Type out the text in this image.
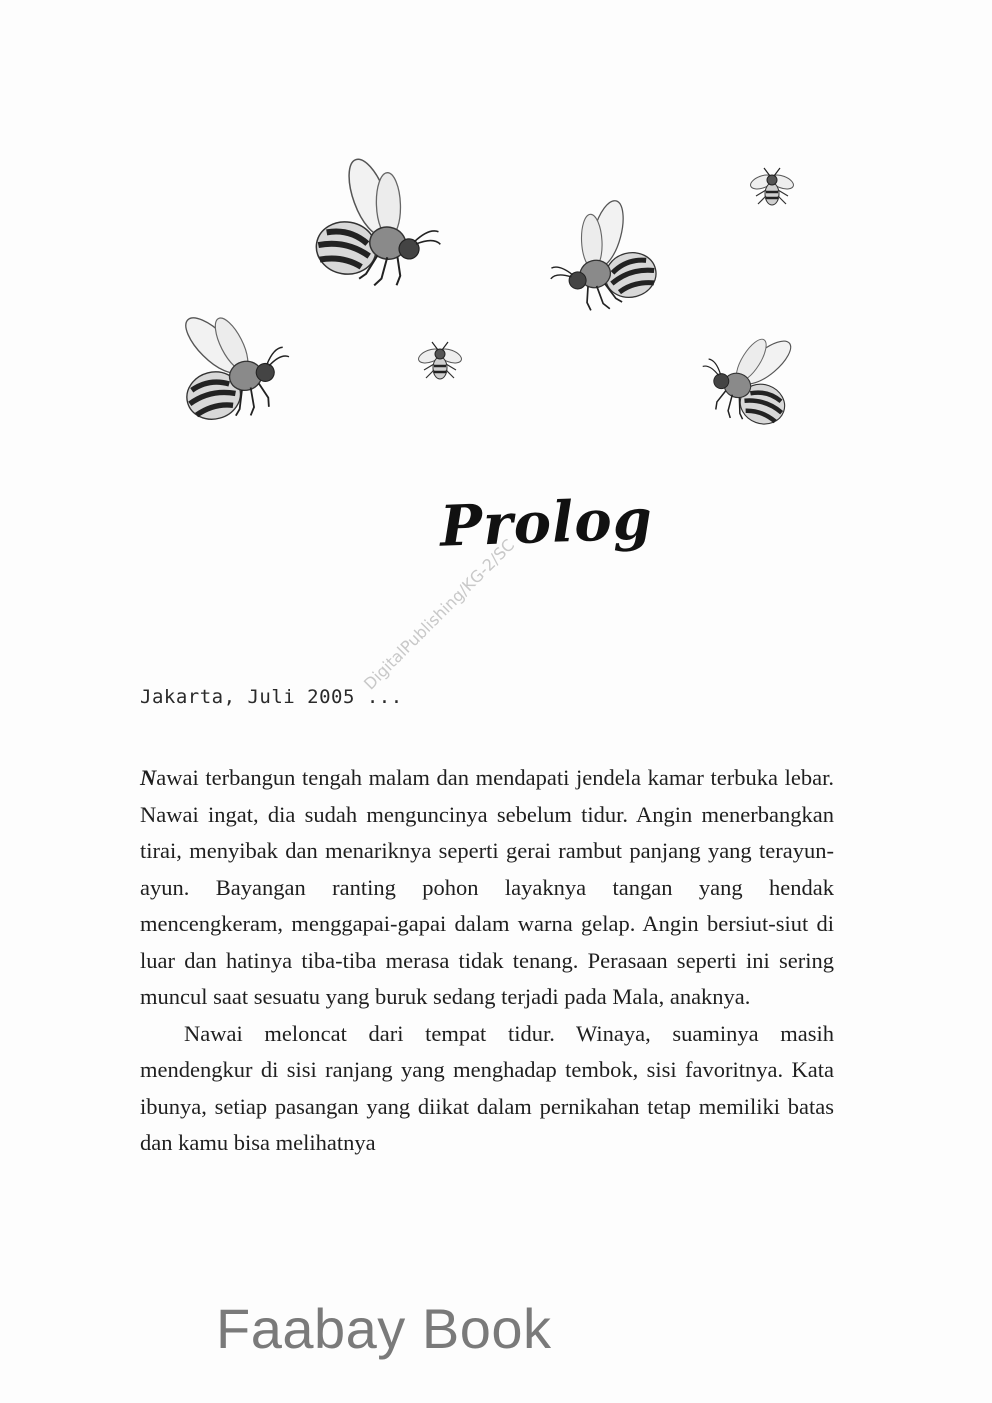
Prolog
DigitalPublishing/KG-2/SC
Jakarta, Juli 2005 ...

Nawai terbangun tengah malam dan mendapati jendela kamar terbuka lebar. Nawai ingat, dia sudah menguncinya sebelum tidur. Angin menerbangkan tirai, menyibak dan menariknya seperti gerai rambut panjang yang terayun-ayun. Bayangan ranting pohon layaknya tangan yang hendak mencengkeram, menggapai-gapai dalam warna gelap. Angin bersiut-siut di luar dan hatinya tiba-tiba merasa tidak tenang. Perasaan seperti ini sering muncul saat sesuatu yang buruk sedang terjadi pada Mala, anaknya.

Nawai meloncat dari tempat tidur. Winaya, suaminya masih mendengkur di sisi ranjang yang menghadap tembok, sisi favoritnya. Kata ibunya, setiap pasangan yang diikat dalam pernikahan tetap memiliki batas dan kamu bisa melihatnya

Faabay Book
